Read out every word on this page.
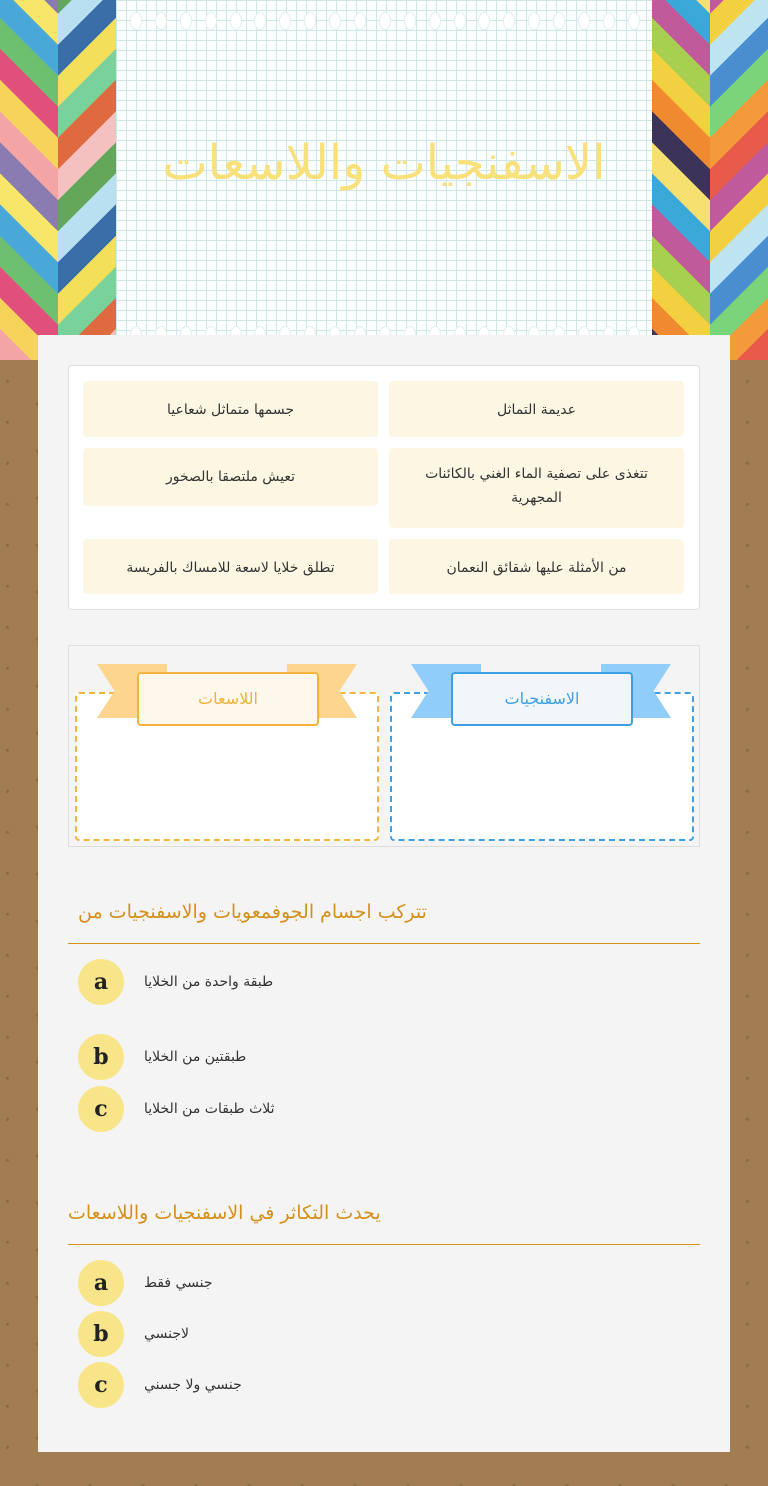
الاسفنجيات واللاسعات
عديمة التماثل
جسمها متماثل شعاعيا
تتغذى على تصفية الماء الغني بالكائنات المجهرية
تعيش ملتصقا بالصخور
من الأمثلة عليها شقائق النعمان
تطلق خلايا لاسعة للامساك بالفريسة
اللاسعات	الاسفنجيات
تتركب اجسام الجوفمعويات والاسفنجيات من
a	طبقة واحدة من الخلايا
b	طبقتين من الخلايا
c	ثلاث طبقات من الخلايا
يحدث التكاثر في الاسفنجيات واللاسعات
a	جنسي فقط
b	لاجنسي
c	جنسي ولا جسني
